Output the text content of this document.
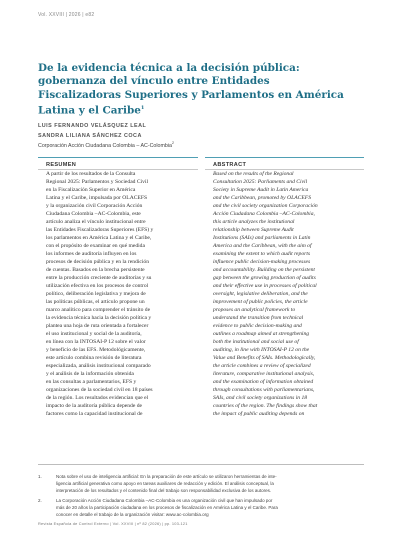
Vol. XXVIII | 2026 | e82
De la evidencia técnica a la decisión pública: gobernanza del vínculo entre Entidades Fiscalizadoras Superiores y Parlamentos en América Latina y el Caribe$^1$
LUIS FERNANDO VELÁSQUEZ LEAL
SANDRA LILIANA SÁNCHEZ COCA
Corporación Acción Ciudadana Colombia – AC-Colombia$^2$
RESUMEN	ABSTRACT
A partir de los resultados de la Consulta
Regional 2025: Parlamentos y Sociedad Civil
en la Fiscalización Superior en América
Latina y el Caribe, impulsada por OLACEFS
y la organización civil Corporación Acción
Ciudadana Colombia –AC-Colombia, este
artículo analiza el vínculo institucional entre
las Entidades Fiscalizadoras Superiores (EFS) y
los parlamentos en América Latina y el Caribe,
con el propósito de examinar en qué medida
los informes de auditoría influyen en los
procesos de decisión pública y en la rendición
de cuentas. Basados en la brecha persistente
entre la producción creciente de auditorías y su
utilización efectiva en los procesos de control
político, deliberación legislativa y mejora de
las políticas públicas, el artículo propone un
marco analítico para comprender el tránsito de
la evidencia técnica hacia la decisión política y
plantea una hoja de ruta orientada a fortalecer
el uso institucional y social de la auditoría,
en línea con la INTOSAI-P 12 sobre el valor
y beneficio de las EFS. Metodológicamente,
este artículo combina revisión de literatura
especializada, análisis institucional comparado
y el análisis de la información obtenida
en las consultas a parlamentarios, EFS y
organizaciones de la sociedad civil en 18 países
de la región. Los resultados evidencian que el
impacto de la auditoría pública depende de
factores como la capacidad institucional de
Based on the results of the Regional
Consultation 2025: Parliaments and Civil
Society in Supreme Audit in Latin America
and the Caribbean, promoted by OLACEFS
and the civil society organization Corporación
Acción Ciudadana Colombia –AC-Colombia,
this article analyzes the institutional
relationship between Supreme Audit
Institutions (SAIs) and parliaments in Latin
America and the Caribbean, with the aim of
examining the extent to which audit reports
influence public decision-making processes
and accountability. Building on the persistent
gap between the growing production of audits
and their effective use in processes of political
oversight, legislative deliberation, and the
improvement of public policies, the article
proposes an analytical framework to
understand the transition from technical
evidence to public decision-making and
outlines a roadmap aimed at strengthening
both the institutional and social use of
auditing, in line with INTOSAI-P 12 on the
Value and Benefits of SAIs. Methodologically,
the article combines a review of specialized
literature, comparative institutional analysis,
and the examination of information obtained
through consultations with parliamentarians,
SAIs, and civil society organizations in 18
countries of the region. The findings show that
the impact of public auditing depends on
1.	Nota sobre el uso de inteligencia artificial: En la preparación de este artículo se utilizaron herramientas de inte-
ligencia artificial generativa como apoyo en tareas auxiliares de redacción y edición. El análisis conceptual, la
interpretación de los resultados y el contenido final del trabajo son responsabilidad exclusiva de los autores.
2.	La Corporación Acción Ciudadana Colombia –AC-Colombia es una organización civil que han impulsado por
más de 20 años la participación ciudadana en los procesos de fiscalización en América Latina y el Caribe. Para
conocer en detalle el trabajo de la organización visitar: www.ac-colombia.org
Revista Española de Control Externo | Vol. XXVIII | nº 82 (2026) | pp. 103-121
